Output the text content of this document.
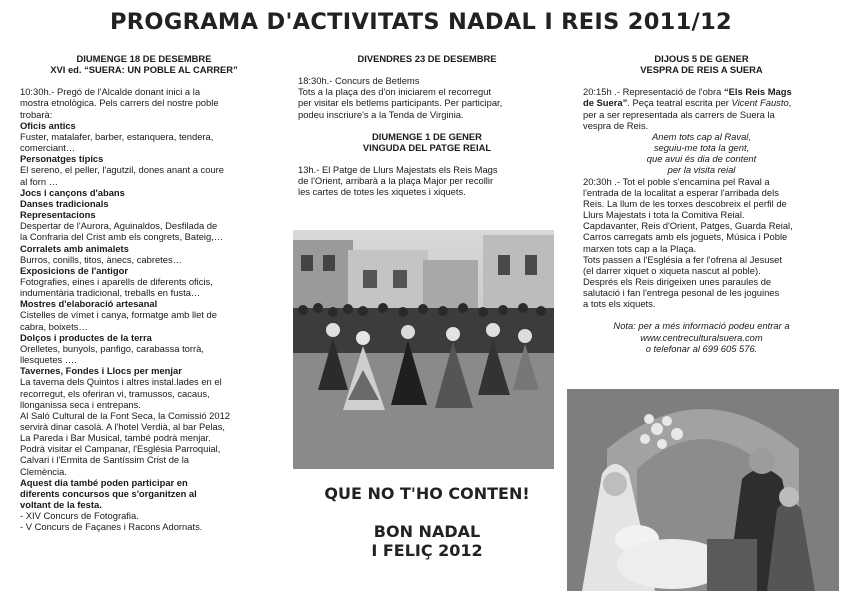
PROGRAMA D'ACTIVITATS NADAL I REIS 2011/12

DIUMENGE 18 DE DESEMBRE

XVI ed. “SUERA: UN POBLE AL CARRER”

10:30h.- Pregó de l'Alcalde donant inici a la

mostra etnològica. Pels carrers del nostre poble

trobarà:

Oficis antics

Fuster, matalafer, barber, estanquera, tendera,

comerciant…

Personatges típics

El sereno, el peller, l'agutzil, dones anant a coure

al forn …

Jocs i cançons d'abans

Danses tradicionals

Representacions

Despertar de l'Aurora, Aguinaldos, Desfilada de

la Confraria del Crist amb els congrets, Bateig,…

Corralets amb animalets

Burros, conills, titos, ànecs, cabretes…

Exposicions de l'antigor

Fotografies, eines i aparells de diferents oficis,

indumentària tradicional, treballs en fusta…

Mostres d'elaboració artesanal

Cistelles de vímet i canya, formatge amb llet de

cabra, boixets…

Dolços i productes de la terra

Orelletes, bunyols, panfigo, carabassa torrà,

llesquetes ….

Tavernes, Fondes i Llocs per menjar

La taverna dels Quintos i altres instal.lades en el

recorregut, els oferiran vi, tramussos, cacaus,

llonganissa seca i entrepans.

Al Saló Cultural de la Font Seca, la Comissió 2012

servirà dinar casolà. A l'hotel Verdià, al bar Pelas,

La Pareda i Bar Musical, també podrà menjar.

Podrà visitar el Campanar, l'Església Parroquial,

Calvari i l'Ermita de Santíssim Crist de la

Clemència.

Aquest dia també poden participar en

diferents concursos que s'organitzen al

voltant de la festa.

- XIV Concurs de Fotografia.

- V Concurs de Façanes i Racons Adornats.

DIVENDRES 23 DE DESEMBRE

18:30h.- Concurs de Betlems

Tots a la plaça des d'on iniciarem el recorregut

per visitar els betlems participants. Per participar,

podeu inscriure's a la Tenda de Virginia.

DIUMENGE 1 DE GENER

VINGUDA DEL PATGE REIAL

13h.- El Patge de Llurs Majestats els Reis Mags

de l'Orient, arribarà a la plaça Major per recollir

les cartes de totes les xiquetes i xiquets.

QUE NO T'HO CONTEN!

BON NADAL

I FELIÇ 2012

DIJOUS 5 DE GENER

VESPRA DE REIS A SUERA

20:15h .- Representació de l'obra “Els Reis Mags

de Suera”. Peça teatral escrita per Vicent Fausto,

per a ser representada als carrers de Suera la

vespra de Reis.

Anem tots cap al Raval,

seguiu-me tota la gent,

que avui és dia de content

per la visita reial

20:30h .- Tot el poble s'encamina pel Raval a

l'entrada de la localitat a esperar l'arribada dels

Reis. La llum de les torxes descobreix el perfil de

Llurs Majestats i tota la Comitiva Reial.

Capdavanter, Reis d'Orient, Patges, Guarda Reial,

Carros carregats amb els joguets, Música i Poble

marxen tots cap a la Plaça.

Tots passen a l'Església a fer l'ofrena al Jesuset

(el darrer xiquet o xiqueta nascut al poble).

Després els Reis dirigeixen unes paraules de

salutació i fan l'entrega pesonal de les joguines

a tots els xiquets.

Nota: per a més informació podeu entrar a

www.centreculturalsuera.com

o telefonar al 699 605 576.
